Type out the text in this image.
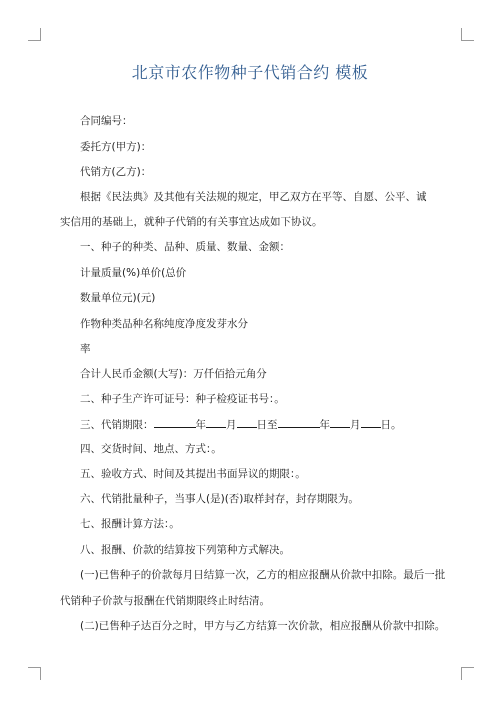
北京市农作物种子代销合约 模板
合同编号：
委托方(甲方)：
代销方(乙方)：
根据《民法典》及其他有关法规的规定，甲乙双方在平等、自愿、公平、诚
实信用的基础上，就种子代销的有关事宜达成如下协议。
一、种子的种类、品种、质量、数量、金额：
计量质量(%)单价(总价
数量单位元)(元)
作物种类品种名称纯度净度发芽水分
率
合计人民币金额(大写)：万仟佰拾元角分
二、种子生产许可证号：种子检疫证书号：。
三、代销期限：	年 月 日至	年 月 日。
四、交货时间、地点、方式：。
五、验收方式、时间及其提出书面异议的期限：。
六、代销批量种子，当事人(是)(否)取样封存，封存期限为。
七、报酬计算方法：。
八、报酬、价款的结算按下列第种方式解决。
(一)已售种子的价款每月日结算一次，乙方的相应报酬从价款中扣除。最后一批
代销种子价款与报酬在代销期限终止时结清。
(二)已售种子达百分之时，甲方与乙方结算一次价款，相应报酬从价款中扣除。
